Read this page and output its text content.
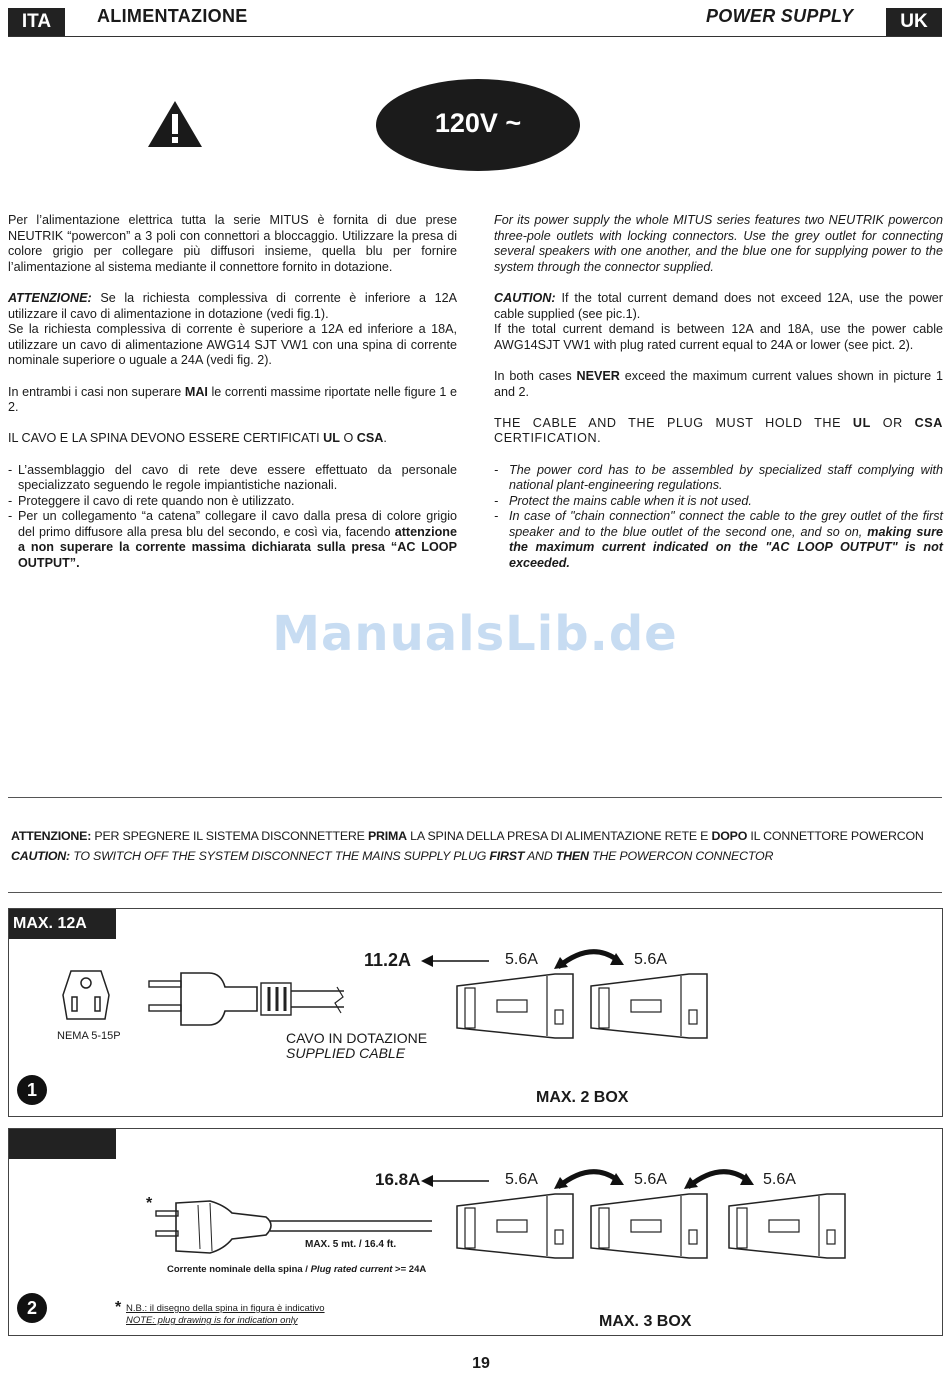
ITA	ALIMENTAZIONE	POWER SUPPLY	UK
120V ~

Per l’alimentazione elettrica tutta la serie MITUS è fornita di due prese NEUTRIK “powercon” a 3 poli con connettori a bloccaggio. Utilizzare la presa di colore grigio per collegare più diffusori insieme, quella blu per fornire l’alimentazione al sistema mediante il connettore fornito in dotazione.

ATTENZIONE: Se la richiesta complessiva di corrente è inferiore a 12A utilizzare il cavo di alimentazione in dotazione (vedi fig.1).
Se la richiesta complessiva di corrente è superiore a 12A ed inferiore a 18A, utilizzare un cavo di alimentazione AWG14 SJT VW1 con una spina di corrente nominale superiore o uguale a 24A (vedi fig. 2).

In entrambi i casi non superare MAI le correnti massime riportate nelle figure 1 e 2.

IL CAVO E LA SPINA DEVONO ESSERE CERTIFICATI UL O CSA.

- L’assemblaggio del cavo di rete deve essere effettuato da personale specializzato seguendo le regole impiantistiche nazionali.
- Proteggere il cavo di rete quando non è utilizzato.
- Per un collegamento “a catena” collegare il cavo dalla presa di colore grigio del primo diffusore alla presa blu del secondo, e così via, facendo attenzione a non superare la corrente massima dichiarata sulla presa “AC LOOP OUTPUT”.

For its power supply the whole MITUS series features two NEUTRIK powercon three-pole outlets with locking connectors. Use the grey outlet for connecting several speakers with one another, and the blue one for supplying power to the system through the connector supplied.

CAUTION: If the total current demand does not exceed 12A, use the power cable supplied (see pic.1).
If the total current demand is between 12A and 18A, use the power cable AWG14SJT VW1 with plug rated current equal to 24A or lower (see pict. 2).

In both cases NEVER exceed the maximum current values shown in picture 1 and 2.

THE CABLE AND THE PLUG MUST HOLD THE UL OR CSA CERTIFICATION.

- The power cord has to be assembled by specialized staff complying with national plant-engineering regulations.
- Protect the mains cable when it is not used.
- In case of "chain connection" connect the cable to the grey outlet of the first speaker and to the blue outlet of the second one, and so on, making sure the maximum current indicated on the "AC LOOP OUTPUT" is not exceeded.
ManualsLib.de
ATTENZIONE: PER SPEGNERE IL SISTEMA DISCONNETTERE PRIMA LA SPINA DELLA PRESA DI ALIMENTAZIONE RETE E DOPO IL CONNETTORE POWERCON
CAUTION: TO SWITCH OFF THE SYSTEM DISCONNECT THE MAINS SUPPLY PLUG FIRST AND THEN THE POWERCON CONNECTOR
MAX. 12A
NEMA 5-15P	CAVO IN DOTAZIONE
SUPPLIED CABLE
11.2A	5.6A	5.6A
1	MAX. 2 BOX
*
MAX. 5 mt. / 16.4 ft.
Corrente nominale della spina / Plug rated current >= 24A
16.8A	5.6A	5.6A	5.6A
2	* N.B.: il disegno della spina in figura è indicativo
NOTE: plug drawing is for indication only	MAX. 3 BOX
19
